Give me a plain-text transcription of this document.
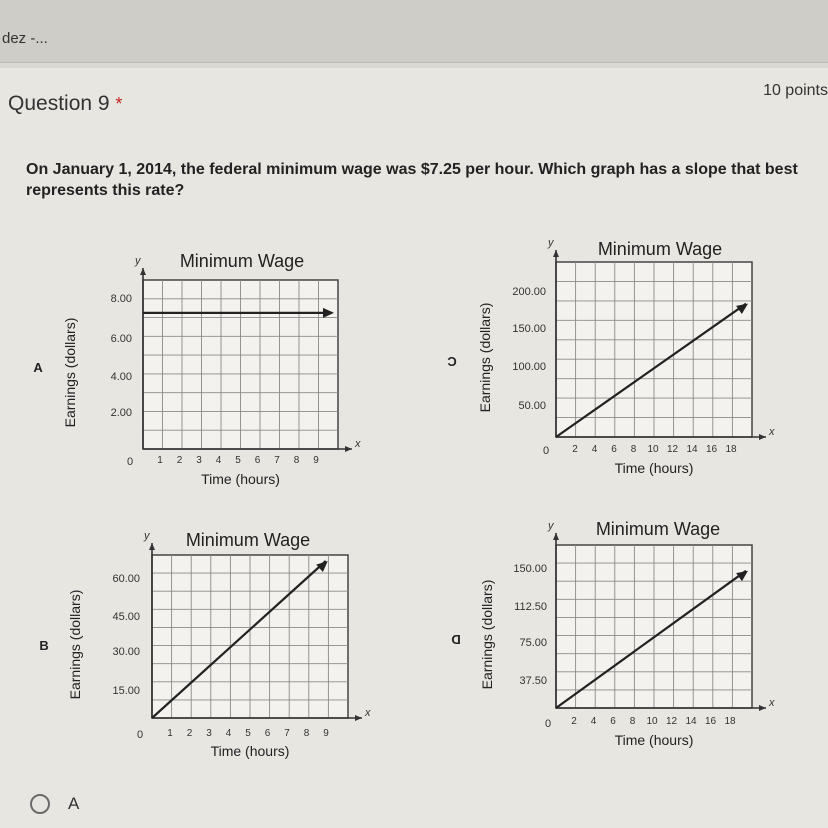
dez -...
Question 9 *
10 points
On January 1, 2014, the federal minimum wage was $7.25 per hour. Which graph has a slope that best represents this rate?
A
x
y Minimum Wage
8.00
6.00
4.00
2.00
1 2 3 4 5 6 7 8 9
0
Time (hours)
Earnings (dollars)
A
x
y Minimum Wage
200.00
150.00
100.00
50.00
2 4 6 8 10 12 14 16 18
0
Time (hours)
Earnings (dollars)
C
x
y Minimum Wage
60.00
45.00
30.00
15.00
1 2 3 4 5 6 7 8 9
0
Time (hours)
Earnings (dollars)
B
x
y Minimum Wage
150.00
112.50
75.00
37.50
2 4 6 8 10 12 14 16 18
0
Time (hours)
Earnings (dollars)
D
